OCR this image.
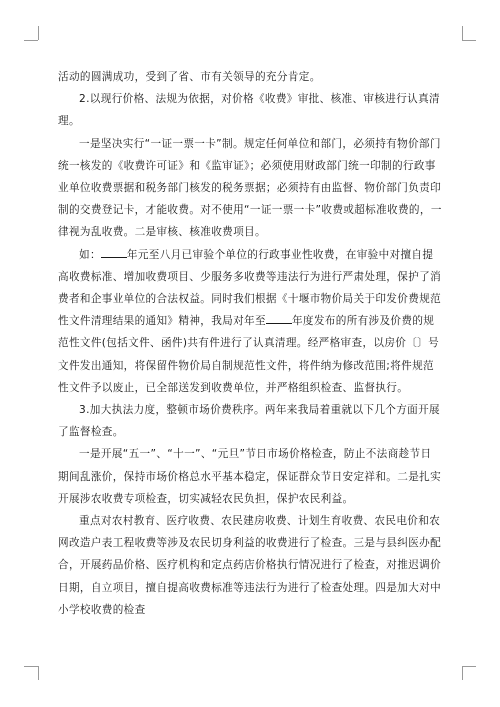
活动的圆满成功，受到了省、市有关领导的充分肯定。

2.以现行价格、法规为依据，对价格《收费》审批、核准、审核进行认真清理。

一是坚决实行“一证一票一卡”制。规定任何单位和部门，必须持有物价部门统一核发的《收费许可证》和《监审证》；必须使用财政部门统一印制的行政事业单位收费票据和税务部门核发的税务票据；必须持有由监督、物价部门负责印制的交费登记卡，才能收费。对不使用“一证一票一卡”收费或超标准收费的，一律视为乱收费。二是审核、核准收费项目。

如： 年元至八月已审验个单位的行政事业性收费，在审验中对擅自提高收费标准、增加收费项目、少服务多收费等违法行为进行严肃处理，保护了消费者和企事业单位的合法权益。同时我们根据《十堰市物价局关于印发价费规范性文件清理结果的通知》精神，我局对年至 年度发布的所有涉及价费的规范性文件(包括文件、函件)共有件进行了认真清理。经严格审查，以房价〔〕号文件发出通知，将保留件物价局自制规范性文件，将件纳为修改范围;将件规范性文件予以废止，已全部送发到收费单位，并严格组织检查、监督执行。

3.加大执法力度，整顿市场价费秩序。两年来我局着重就以下几个方面开展了监督检查。

一是开展“五一”、“十一”、“元旦”节日市场价格检查，防止不法商趁节日期间乱涨价，保持市场价格总水平基本稳定，保证群众节日安定祥和。二是扎实开展涉农收费专项检查，切实减轻农民负担，保护农民利益。

重点对农村教育、医疗收费、农民建房收费、计划生育收费、农民电价和农网改造户表工程收费等涉及农民切身利益的收费进行了检查。三是与县纠医办配合，开展药品价格、医疗机构和定点药店价格执行情况进行了检查，对推迟调价日期，自立项目，擅自提高收费标准等违法行为进行了检查处理。四是加大对中小学校收费的检查
